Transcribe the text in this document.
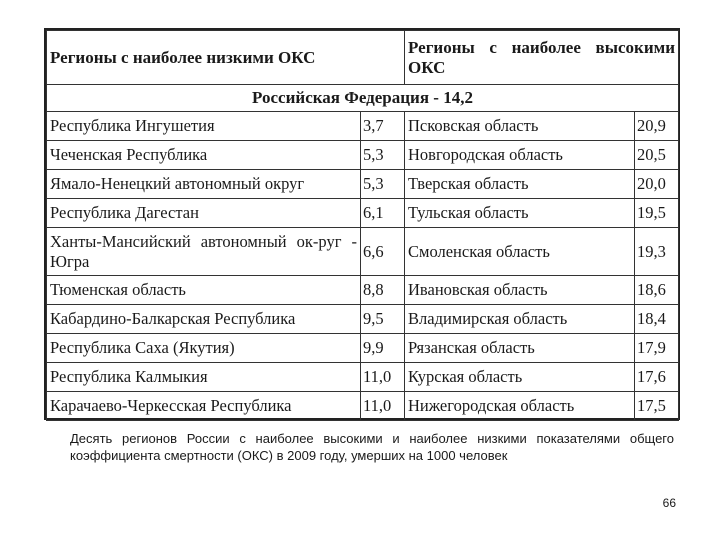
Регионы с наиболее низкими ОКС		Регионы с наиболее высокими ОКС	
Российская Федерация - 14,2			
Республика Ингушетия	3,7	Псковская область	20,9
Чеченская Республика	5,3	Новгородская область	20,5
Ямало-Ненецкий автономный округ	5,3	Тверская область	20,0
Республика Дагестан	6,1	Тульская область	19,5
Ханты-Мансийский автономный ок-руг - Югра	6,6	Смоленская область	19,3
Тюменская область	8,8	Ивановская область	18,6
Кабардино-Балкарская Республика	9,5	Владимирская область	18,4
Республика Саха (Якутия)	9,9	Рязанская область	17,9
Республика Калмыкия	11,0	Курская область	17,6
Карачаево-Черкесская Республика	11,0	Нижегородская область	17,5
Десять регионов России с наиболее высокими и наиболее низкими показателями общего коэффициента смертности (ОКС) в 2009 году, умерших на 1000 человек
66
